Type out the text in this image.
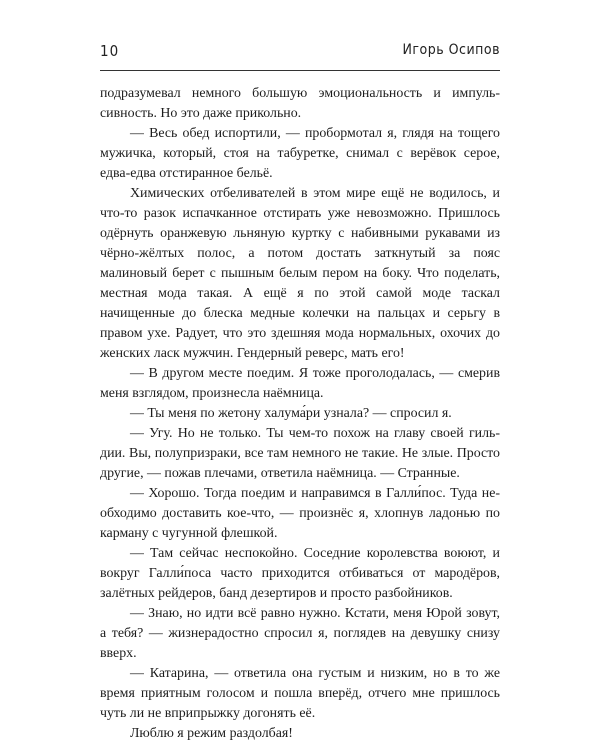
10	Игорь Осипов

подразумевал немного большую эмоциональность и импульсивность. Но это даже прикольно.

— Весь обед испортили, — пробормотал я, глядя на тощего мужичка, который, стоя на табуретке, снимал с верёвок серое, едва-едва отстиранное бельё.

Химических отбеливателей в этом мире ещё не водилось, и что-то разок испачканное отстирать уже невозможно. Пришлось одёрнуть оранжевую льняную куртку с набивными рукавами из чёрно-жёлтых полос, а потом достать заткнутый за пояс малиновый берет с пышным белым пером на боку. Что поделать, местная мода такая. А ещё я по этой самой моде таскал начищенные до блеска медные колечки на пальцах и серьгу в правом ухе. Радует, что это здешняя мода нормальных, охочих до женских ласк мужчин. Гендерный реверс, мать его!

— В другом месте поедим. Я тоже проголодалась, — смерив меня взглядом, произнесла наёмница.

— Ты меня по жетону халума́ри узнала? — спросил я.

— Угу. Но не только. Ты чем-то похож на главу своей гильдии. Вы, полупризраки, все там немного не такие. Не злые. Просто другие, — пожав плечами, ответила наёмница. — Странные.

— Хорошо. Тогда поедим и направимся в Галли́пос. Туда необходимо доставить кое-что, — произнёс я, хлопнув ладонью по карману с чугунной флешкой.

— Там сейчас неспокойно. Соседние королевства воюют, и вокруг Галли́поса часто приходится отбиваться от мародёров, залётных рейдеров, банд дезертиров и просто разбойников.

— Знаю, но идти всё равно нужно. Кстати, меня Юрой зовут, а тебя? — жизнерадостно спросил я, поглядев на девушку снизу вверх.

— Катарина, — ответила она густым и низким, но в то же время приятным голосом и пошла вперёд, отчего мне пришлось чуть ли не вприпрыжку догонять её.

Люблю я режим раздолбая!
